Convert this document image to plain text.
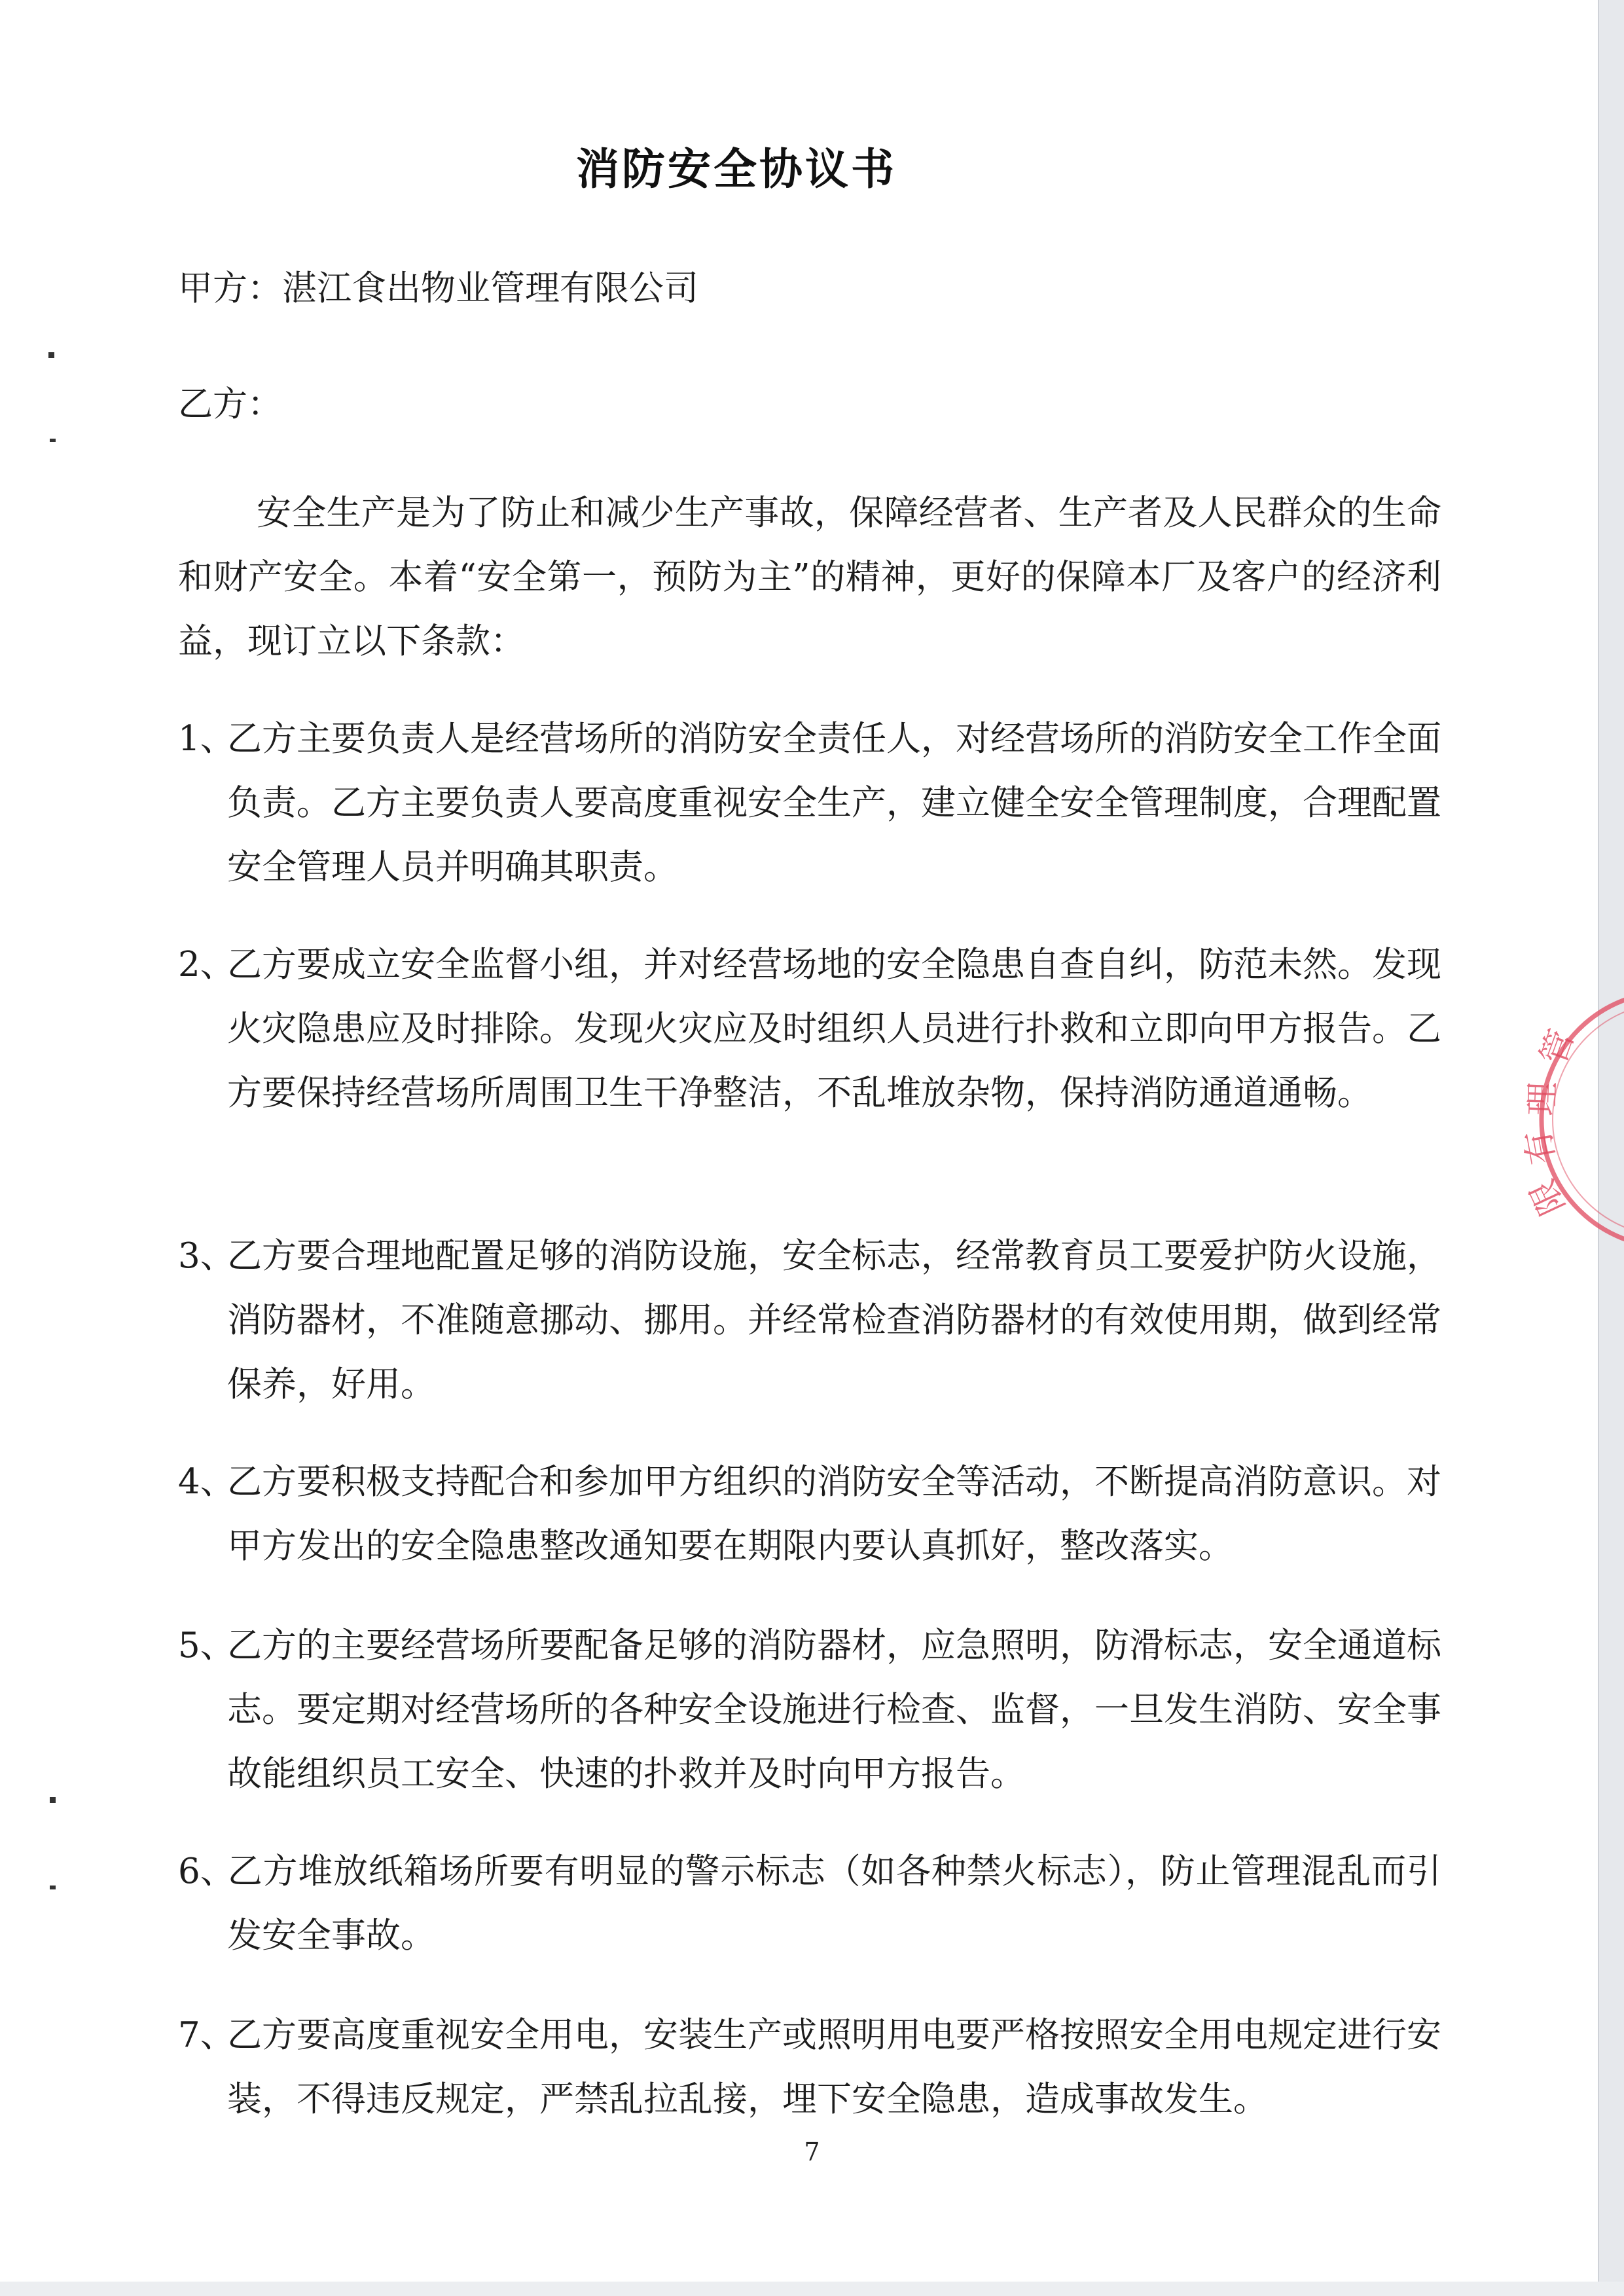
消防安全协议书
甲方：湛江食出物业管理有限公司
乙方：
安全生产是为了防止和减少生产事故，保障经营者、生产者及人民群众的生命和财产安全。本着“安全第一，预防为主”的精神，更好的保障本厂及客户的经济利益，现订立以下条款：
1、乙方主要负责人是经营场所的消防安全责任人，对经营场所的消防安全工作全面负责。乙方主要负责人要高度重视安全生产，建立健全安全管理制度，合理配置安全管理人员并明确其职责。
2、乙方要成立安全监督小组，并对经营场地的安全隐患自查自纠，防范未然。发现火灾隐患应及时排除。发现火灾应及时组织人员进行扑救和立即向甲方报告。乙方要保持经营场所周围卫生干净整洁，不乱堆放杂物，保持消防通道通畅。
3、乙方要合理地配置足够的消防设施，安全标志，经常教育员工要爱护防火设施，消防器材，不准随意挪动、挪用。并经常检查消防器材的有效使用期，做到经常保养，好用。
4、乙方要积极支持配合和参加甲方组织的消防安全等活动，不断提高消防意识。对甲方发出的安全隐患整改通知要在期限内要认真抓好，整改落实。
5、乙方的主要经营场所要配备足够的消防器材，应急照明，防滑标志，安全通道标志。要定期对经营场所的各种安全设施进行检查、监督，一旦发生消防、安全事故能组织员工安全、快速的扑救并及时向甲方报告。
6、乙方堆放纸箱场所要有明显的警示标志（如各种禁火标志），防止管理混乱而引发安全事故。
7、乙方要高度重视安全用电，安装生产或照明用电要严格按照安全用电规定进行安装，不得违反规定，严禁乱拉乱接，埋下安全隐患，造成事故发生。
7
管
理
有
限
